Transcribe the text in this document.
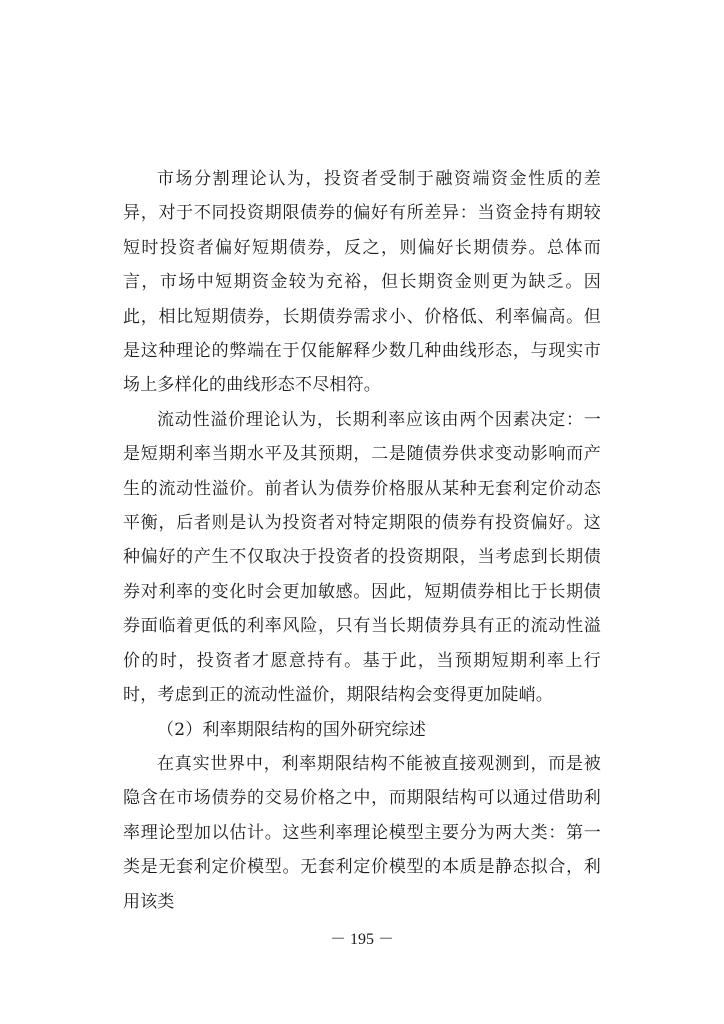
市场分割理论认为，投资者受制于融资端资金性质的差异，对于不同投资期限债券的偏好有所差异：当资金持有期较短时投资者偏好短期债券，反之，则偏好长期债券。总体而言，市场中短期资金较为充裕，但长期资金则更为缺乏。因此，相比短期债券，长期债券需求小、价格低、利率偏高。但是这种理论的弊端在于仅能解释少数几种曲线形态，与现实市场上多样化的曲线形态不尽相符。

流动性溢价理论认为，长期利率应该由两个因素决定：一是短期利率当期水平及其预期，二是随债券供求变动影响而产生的流动性溢价。前者认为债券价格服从某种无套利定价动态平衡，后者则是认为投资者对特定期限的债券有投资偏好。这种偏好的产生不仅取决于投资者的投资期限，当考虑到长期债券对利率的变化时会更加敏感。因此，短期债券相比于长期债券面临着更低的利率风险，只有当长期债券具有正的流动性溢价的时，投资者才愿意持有。基于此，当预期短期利率上行时，考虑到正的流动性溢价，期限结构会变得更加陡峭。

（2）利率期限结构的国外研究综述

在真实世界中，利率期限结构不能被直接观测到，而是被隐含在市场债券的交易价格之中，而期限结构可以通过借助利率理论型加以估计。这些利率理论模型主要分为两大类：第一类是无套利定价模型。无套利定价模型的本质是静态拟合，利用该类

－ 195 －
